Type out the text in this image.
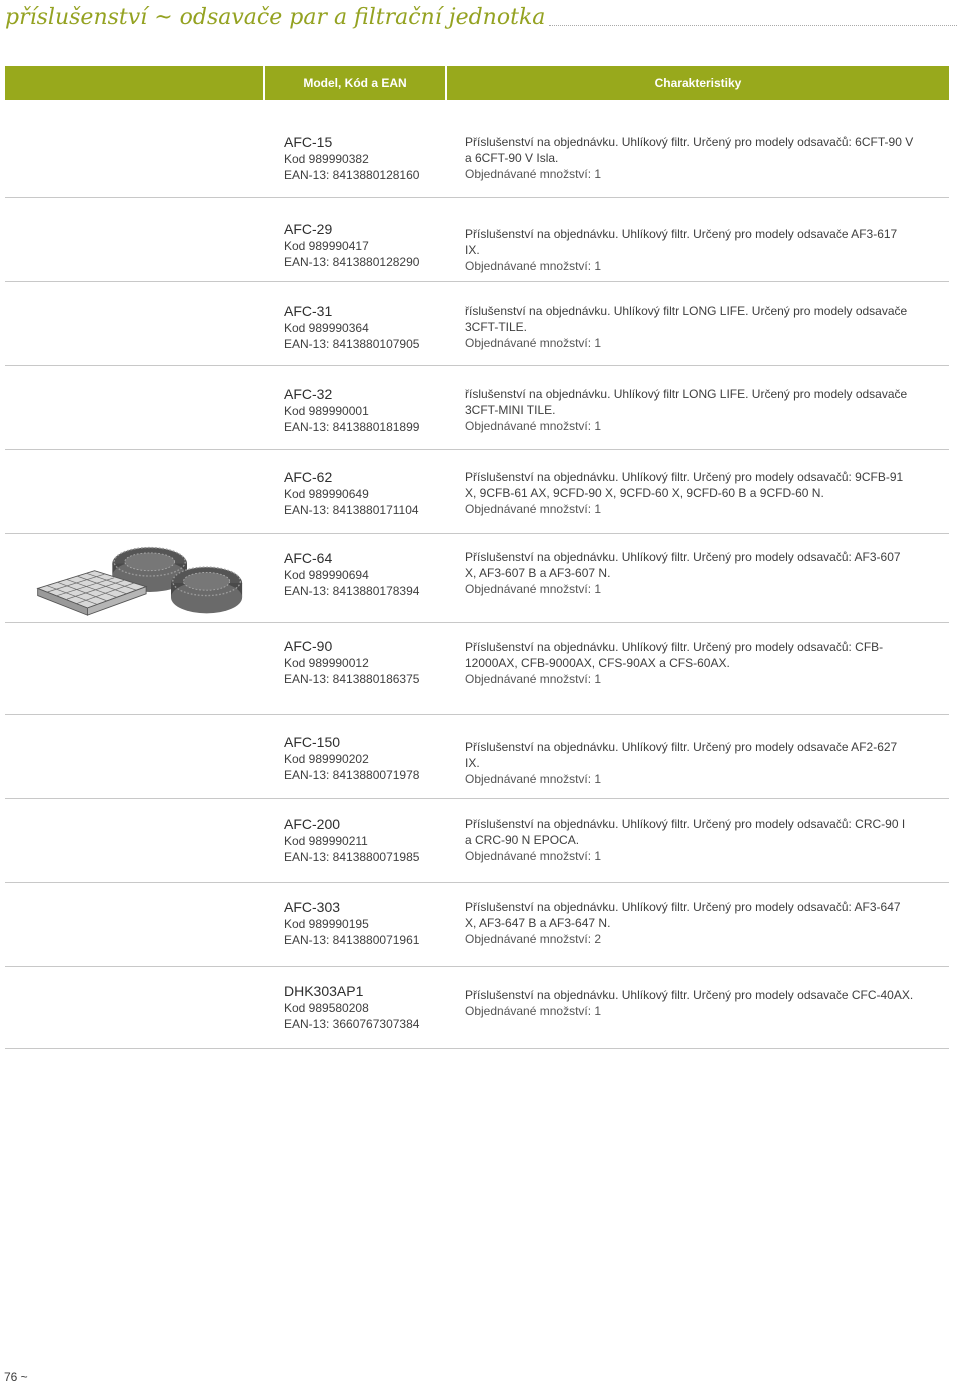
příslušenství ~ odsavače par a filtrační jednotka
Model, Kód a EAN	Charakteristiky
AFC-15
Kod 989990382
EAN-13: 8413880128160
Příslušenství na objednávku. Uhlíkový filtr. Určený pro modely odsavačů: 6CFT-90 V a 6CFT-90 V Isla.
Objednávané množství: 1
AFC-29
Kod 989990417
EAN-13: 8413880128290
Příslušenství na objednávku. Uhlíkový filtr. Určený pro modely odsavače AF3-617 IX.
Objednávané množství: 1
AFC-31
Kod 989990364
EAN-13: 8413880107905
říslušenství na objednávku. Uhlíkový filtr LONG LIFE. Určený pro modely odsavače 3CFT-TILE.
Objednávané množství: 1
AFC-32
Kod 989990001
EAN-13: 8413880181899
říslušenství na objednávku. Uhlíkový filtr LONG LIFE. Určený pro modely odsavače 3CFT-MINI TILE.
Objednávané množství: 1
AFC-62
Kod 989990649
EAN-13: 8413880171104
Příslušenství na objednávku. Uhlíkový filtr. Určený pro modely odsavačů: 9CFB-91 X, 9CFB-61 AX, 9CFD-90 X, 9CFD-60 X, 9CFD-60 B a 9CFD-60 N.
Objednávané množství: 1
AFC-64
Kod 989990694
EAN-13: 8413880178394
Příslušenství na objednávku. Uhlíkový filtr. Určený pro modely odsavačů: AF3-607 X, AF3-607 B a AF3-607 N.
Objednávané množství: 1
AFC-90
Kod 989990012
EAN-13: 8413880186375
Příslušenství na objednávku. Uhlíkový filtr. Určený pro modely odsavačů: CFB-12000AX, CFB-9000AX, CFS-90AX a CFS-60AX.
Objednávané množství: 1
AFC-150
Kod 989990202
EAN-13: 8413880071978
Příslušenství na objednávku. Uhlíkový filtr. Určený pro modely odsavače AF2-627 IX.
Objednávané množství: 1
AFC-200
Kod 989990211
EAN-13: 8413880071985
Příslušenství na objednávku. Uhlíkový filtr. Určený pro modely odsavačů: CRC-90 I a CRC-90 N EPOCA.
Objednávané množství: 1
AFC-303
Kod 989990195
EAN-13: 8413880071961
Příslušenství na objednávku. Uhlíkový filtr. Určený pro modely odsavačů: AF3-647 X, AF3-647 B a AF3-647 N.
Objednávané množství: 2
DHK303AP1
Kod 989580208
EAN-13: 3660767307384
Příslušenství na objednávku. Uhlíkový filtr. Určený pro modely odsavače CFC-40AX.
Objednávané množství: 1
76 ~
